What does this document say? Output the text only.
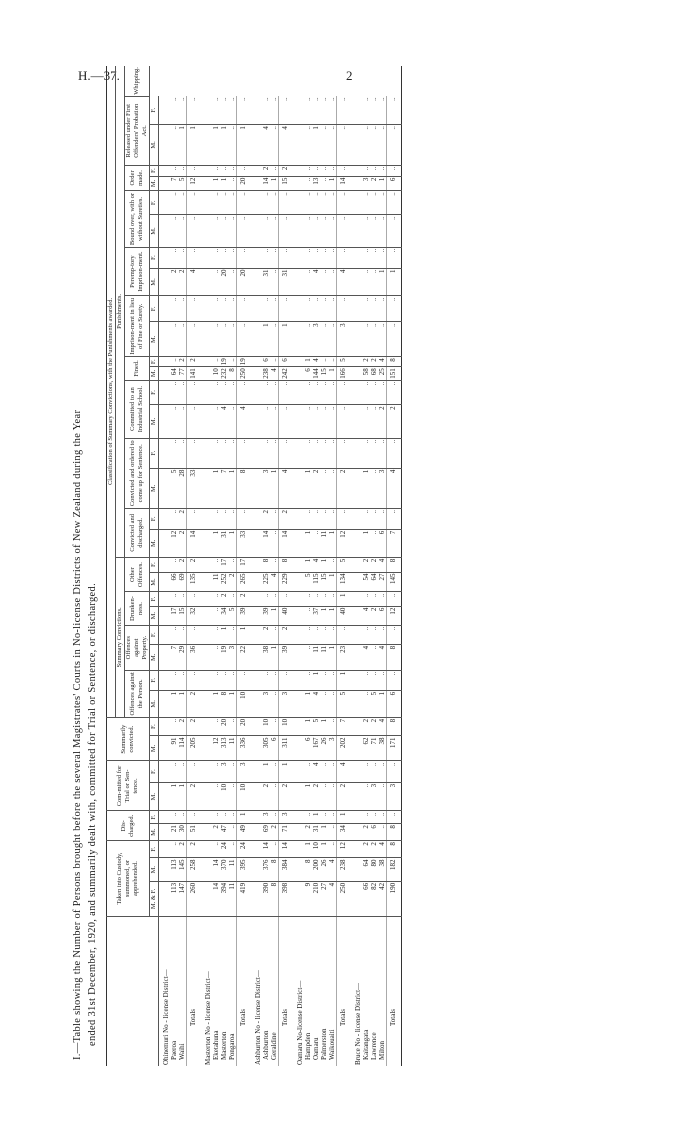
H.—37.	2
I.—Table showing the Number of Persons brought before the several Magistrates' Courts in No-license Districts of New Zealand during the Year ended 31st December, 1920, and summarily dealt with, committed for Trial or Sentence, or discharged.
		Taken into Custody, summoned, or apprehended.			Dis-charged.		Com-mitted for Trial or Sen-tence.		Summarily convicted.		Classification of Summary Convictions, with the Punishments awarded.																										
										Summary Convictions.								Punishments.																		
										Offences against the Person.		Offences against Property.		Drunken-ness.		Other Offences.		Convicted and discharged.		Convicted and ordered to come up for Sentence.		Committed to an Industrial School.		Fined.		Imprison-ment in lieu of Fine or Surety.		Peremp-tory Imprison-ment.		Bound over, with or without Sureties.		Order made.		Released under First Offenders' Probation Act.		Whipping.
	M. & F.	M.	F.	M.	F.	M.	F.	M.	F.	M.	F.	M.	F.	M.	F.	M.	F.	M.	F.	M.	F.	M.	F.	M.	F.	M.	F.	M.	F.	M.	F.	M.	F.	M.	F.	
Ohinemuri No - license District—																																				
Paeroa	113	113	..	21	..	1	..	91	..	1	..	7	..	17	..	66	..	12	..	5	..	..	..	64	..	..	..	2	..	..	..	7	..	..	..	
Waihi	147	145	2	30	..	1	..	114	2	1	..	29	..	15	..	69	2	2	2	28	..	..	..	77	2	..	..	2	..	..	..	5	..	1	..	
Totals	260	258	2	51	..	2	..	205	2	2	..	36	..	32	..	135	2	14	..	33	..	..	..	141	2	..	..	4	..	..	..	12	..	1	..	
Masterton No - license District—																																				
Eketahuna	14	14	..	2	..	..	..	12	..	1	..	..	..	..	..	11	..	1	..	1	..	..	..	10	..	..	..	..	..	..	..	1	..	1	..	
Masterton	394	370	24	47	..	10	3	313	20	8	..	19	1	34	2	252	17	31	..	7	..	4	..	232	19	..	..	20	..	..	..	1	..	1	..	
Pongaroa	11	11	..	..	..	..	..	11	..	1	..	3	..	5	..	2	..	1	..	1	..	..	..	8	..	..	..	..	..	..	..	..	..	..	..	
Totals	419	395	24	49	1	10	3	336	20	10	..	22	1	39	2	265	17	33	..	8	..	4	..	250	19	..	..	20	..	..	..	20	..	1	..	
Ashburton No - license District—																																				
Ashburton	390	376	14	69	3	2	1	305	10	3	..	38	2	39	..	225	8	14	2	3	..	..	..	238	6	1	..	31	..	..	..	14	2	4	..	
Geraldine	8	8	..	2	..	..	..	6	..	..	..	1	..	1	..	4	..	..	..	1	..	..	..	4	..	..	..	..	..	..	..	1	..	..	..	
Totals	398	384	14	71	3	2	1	311	10	3	..	39	2	40	..	229	8	14	2	4	..	..	..	242	6	1	..	31	..	..	..	15	2	4	..	
Oamaru No-license District—																																				
Hampden	9	8	1	2	..	1	..	6	1	1	..	..	..	..	..	5	1	1	..	1	..	..	..	6	1	..	..	..	..	..	..	..	..	..	..	
Oamaru	210	200	10	31	1	2	4	167	5	4	1	11	..	37	..	115	4	..	..	2	..	..	..	144	4	3	..	4	..	..	..	13	..	1	..	
Palmerston	27	26	1	1	..	..	..	26	1	..	..	11	..	1	..	15	1	11	..	..	..	..	..	15	..	..	..	..	..	..	..	..	..	..	..	
Waikouaiti	4	4	..	..	..	..	..	3	..	..	..	1	..	1	..	1	..	1	..	..	..	..	..	1	..	..	..	..	..	..	..	1	..	..	..	
Totals	250	238	12	34	1	2	4	202	7	5	1	23	..	40	1	134	5	12	..	2	..	..	..	166	5	3	..	4	..	..	..	14	..	..	..	
Bruce No - license District—																																				
Kaitangata	66	64	2	2	..	..	..	62	2	..	..	4	..	4	..	54	2	1	..	1	..	..	..	58	2	..	..	..	..	..	..	3	..	..	..	
Lawrence	82	80	2	6	..	3	..	71	2	5	..	..	..	2	..	64	2	..	..	..	..	..	..	68	2	..	..	..	..	..	..	2	..	..	..	
Milton	42	38	4	..	..	..	..	38	4	1	..	4	..	6	..	27	4	6	..	3	..	2	..	25	4	..	..	1	..	..	..	1	..	..	..	
Totals	190	182	8	8	..	3	..	171	8	6	..	8	..	12	..	145	8	7	..	4	..	2	..	151	8	..	..	1	..	..	..	6	..	..	..	
